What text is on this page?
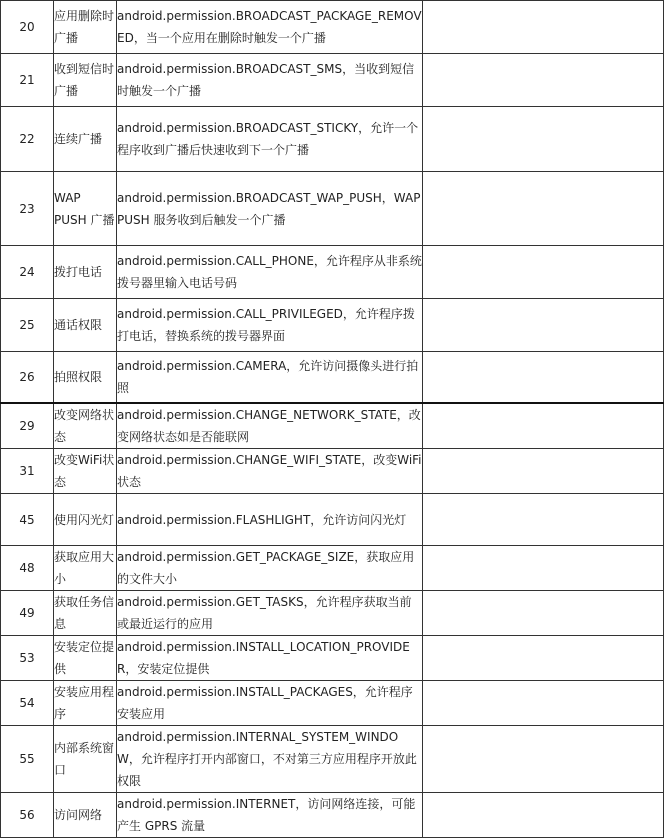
20	应用删除时广播	android.permission.BROADCAST_PACKAGE_REMOVED，当一个应用在删除时触发一个广播	
21	收到短信时广播	android.permission.BROADCAST_SMS，当收到短信时触发一个广播	
22	连续广播	android.permission.BROADCAST_STICKY，允许一个程序收到广播后快速收到下一个广播	
23	WAP PUSH 广播	android.permission.BROADCAST_WAP_PUSH，WAP PUSH 服务收到后触发一个广播	
24	拨打电话	android.permission.CALL_PHONE，允许程序从非系统拨号器里输入电话号码	
25	通话权限	android.permission.CALL_PRIVILEGED，允许程序拨打电话，替换系统的拨号器界面	
26	拍照权限	android.permission.CAMERA，允许访问摄像头进行拍照	
29	改变网络状态	android.permission.CHANGE_NETWORK_STATE，改变网络状态如是否能联网	
31	改变WiFi状态	android.permission.CHANGE_WIFI_STATE，改变WiFi 状态	
45	使用闪光灯	android.permission.FLASHLIGHT，允许访问闪光灯	
48	获取应用大小	android.permission.GET_PACKAGE_SIZE，获取应用的文件大小	
49	获取任务信息	android.permission.GET_TASKS，允许程序获取当前或最近运行的应用	
53	安装定位提供	android.permission.INSTALL_LOCATION_PROVIDER，安装定位提供	
54	安装应用程序	android.permission.INSTALL_PACKAGES，允许程序安装应用	
55	内部系统窗口	android.permission.INTERNAL_SYSTEM_WINDOW，允许程序打开内部窗口，不对第三方应用程序开放此权限	
56	访问网络	android.permission.INTERNET，访问网络连接，可能产生 GPRS 流量	
